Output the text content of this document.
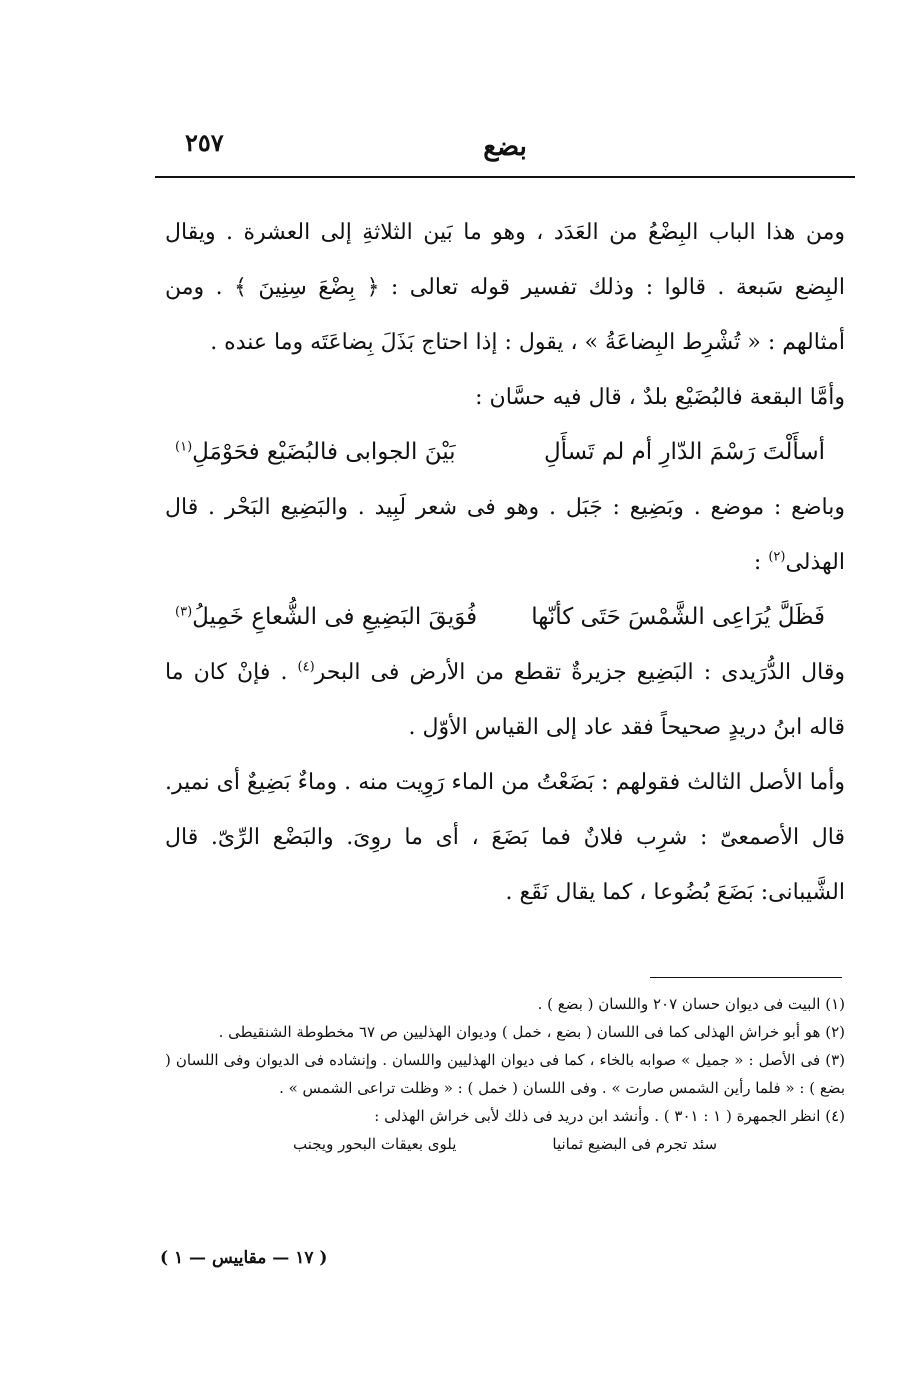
٢٥٧	بضع

ومن هذا الباب البِضْعُ من العَدَد ، وهو ما بَين الثلاثةِ إلى العشرة . ويقال البِضع سَبعة . قالوا : وذلك تفسير قوله تعالى : ﴿ بِضْعَ سِنِينَ ﴾ . ومن أمثالهم : « تُشْرِط البِضاعَةُ » ، يقول : إذا احتاج بَذَلَ بِضاعَتَه وما عنده .

وأمَّا البقعة فالبُضَيْع بلدٌ ، قال فيه حسَّان :

أسأَلْتَ رَسْمَ الدّارِ أم لم تَسأَلِ
بَيْنَ الجوابى فالبُضَيْع فحَوْمَلِ$^{(١)}$

وباضع : موضع . وبَضِيع : جَبَل . وهو فى شعر لَبِيد . والبَضِيع البَحْر . قال الهذلى$^{(٢)}$ :

فَظَلَّ يُرَاعِى الشَّمْسَ حَتَى كأنّها
فُوَيقَ البَضِيعِ فى الشُّعاعِ خَمِيلُ$^{(٣)}$

وقال الدُّرَيدى : البَضِيع جزيرةٌ تقطع من الأرض فى البحر$^{(٤)}$ . فإنْ كان ما قاله ابنُ دريدٍ صحيحاً فقد عاد إلى القياس الأوّل .

وأما الأصل الثالث فقولهم : بَضَعْتُ من الماء رَوِيت منه . وماءٌ بَضِيعٌ أى نمير. قال الأصمعىّ : شرِب فلانٌ فما بَضَعَ ، أى ما روِىَ. والبَضْع الرِّىّ. قال الشَّيبانى: بَضَعَ بُضُوعا ، كما يقال نَقَع .

(١) البيت فى ديوان حسان ٢٠٧ واللسان ( بضع ) .

(٢) هو أبو خراش الهذلى كما فى اللسان ( بضع ، خمل ) وديوان الهذليين ص ٦٧ مخطوطة الشنقيطى .

(٣) فى الأصل : « جميل » صوابه بالخاء ، كما فى ديوان الهذليين واللسان . وإنشاده فى الديوان وفى اللسان ( بضع ) : « فلما رأين الشمس صارت » . وفى اللسان ( خمل ) : « وظلت تراعى الشمس » .

(٤) انظر الجمهرة ( ١ : ٣٠١ ) . وأنشد ابن دريد فى ذلك لأبى خراش الهذلى :

سئد تجرم فى البضيع ثمانيا
يلوى بعيقات البحور ويجنب
( ١٧ — مقاييس — ١ )
